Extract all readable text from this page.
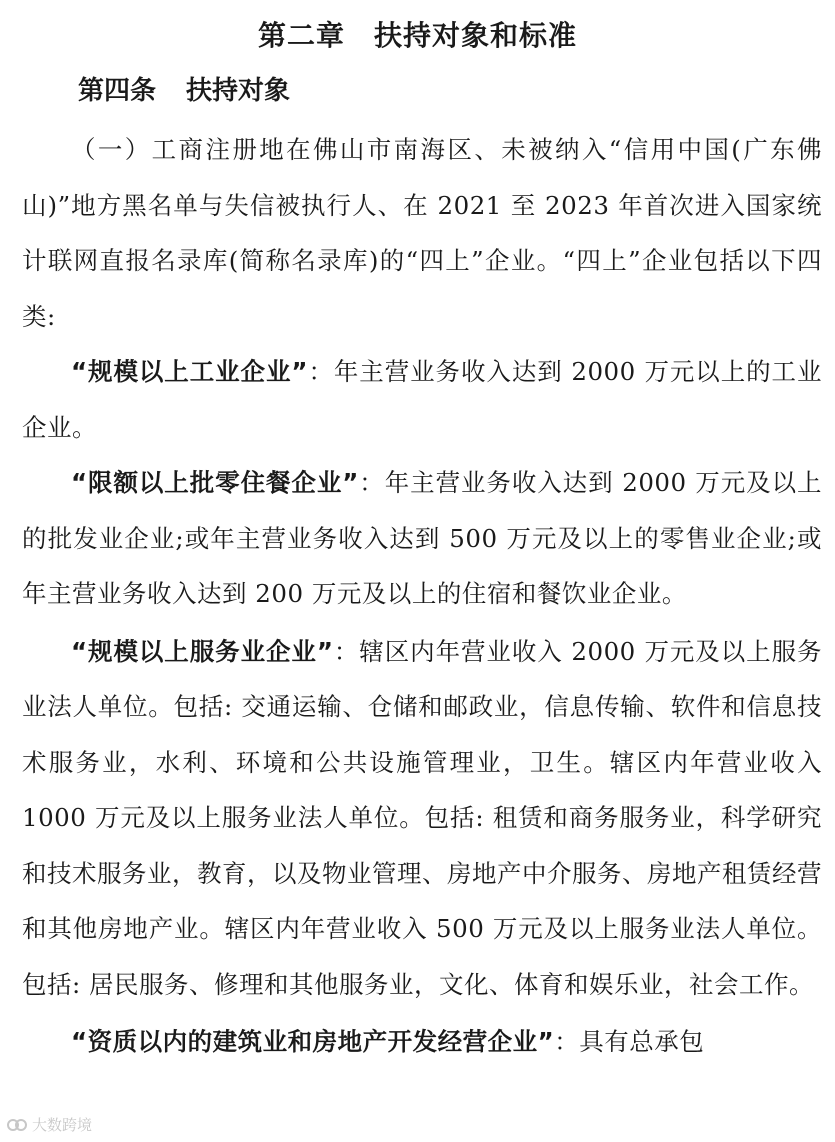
第二章　扶持对象和标准
第四条 扶持对象

（一）工商注册地在佛山市南海区、未被纳入“信用中国(广东佛山)”地方黑名单与失信被执行人、在 2021 至 2023 年首次进入国家统计联网直报名录库(简称名录库)的“四上”企业。“四上”企业包括以下四类:

“规模以上工业企业”：年主营业务收入达到 2000 万元以上的工业企业。

“限额以上批零住餐企业”：年主营业务收入达到 2000 万元及以上的批发业企业;或年主营业务收入达到 500 万元及以上的零售业企业;或年主营业务收入达到 200 万元及以上的住宿和餐饮业企业。

“规模以上服务业企业”：辖区内年营业收入 2000 万元及以上服务业法人单位。包括: 交通运输、仓储和邮政业，信息传输、软件和信息技术服务业，水利、环境和公共设施管理业，卫生。辖区内年营业收入 1000 万元及以上服务业法人单位。包括: 租赁和商务服务业，科学研究和技术服务业，教育，以及物业管理、房地产中介服务、房地产租赁经营和其他房地产业。辖区内年营业收入 500 万元及以上服务业法人单位。包括: 居民服务、修理和其他服务业，文化、体育和娱乐业，社会工作。

“资质以内的建筑业和房地产开发经营企业”：具有总承包

大数跨境
